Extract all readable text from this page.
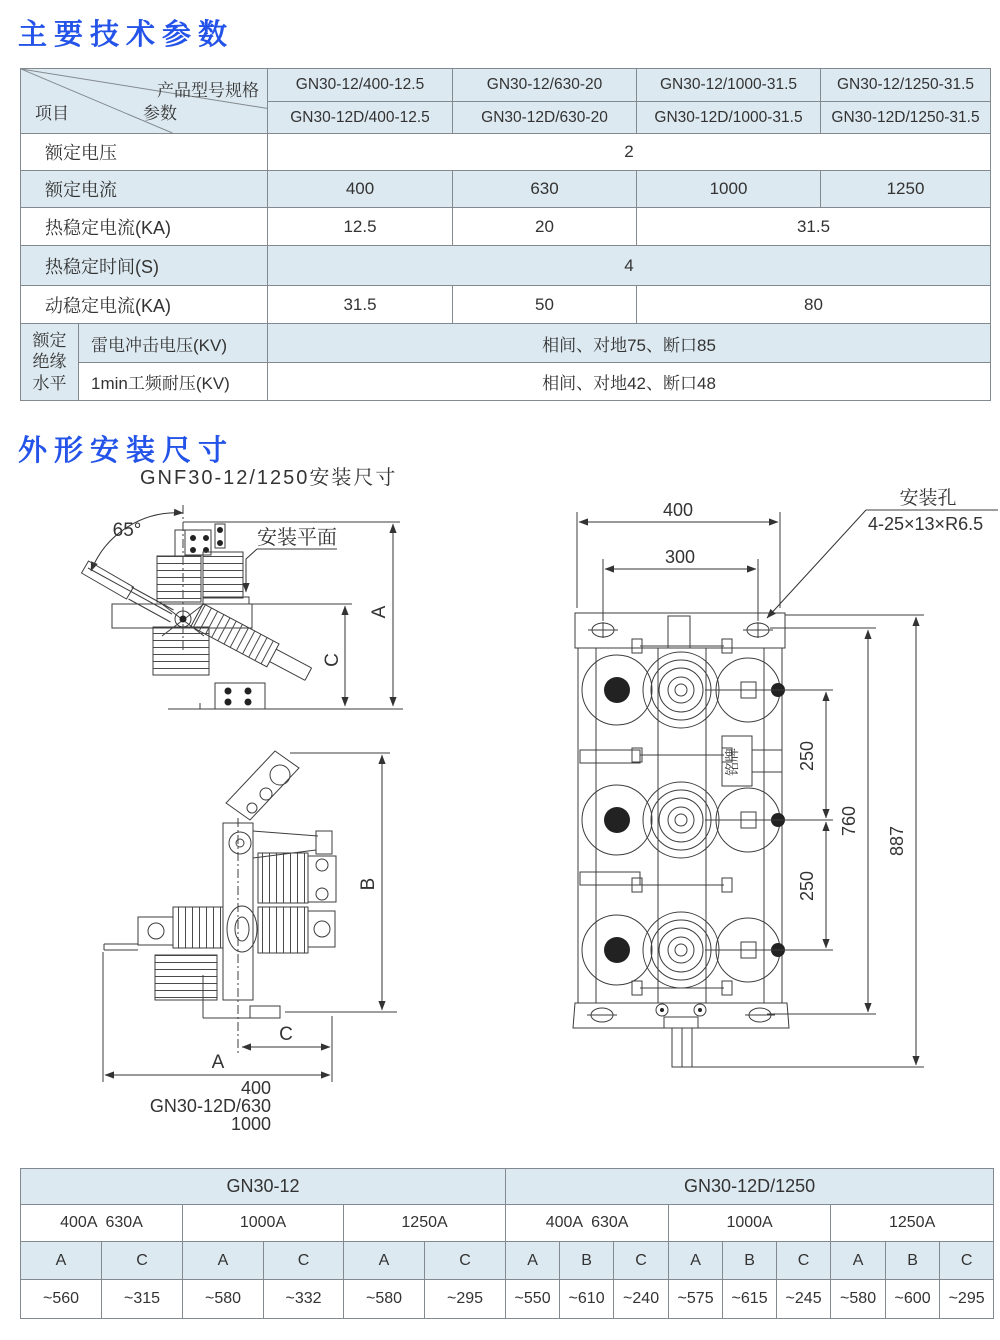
主要技术参数
产品型号规格
项目 参数		GN30-12/400-12.5	GN30-12/630-20	GN30-12/1000-31.5	GN30-12/1250-31.5
		GN30-12D/400-12.5	GN30-12D/630-20	GN30-12D/1000-31.5	GN30-12D/1250-31.5
额定电压		2			
额定电流		400	630	1000	1250
热稳定电流(KA)		12.5	20	31.5	
热稳定时间(S)		4			
动稳定电流(KA)		31.5	50	80	
额定绝缘水平	雷电冲击电压(KV)	相间、对地75、断口85			
	1min工频耐压(KV)	相间、对地42、断口48			
外形安装尺寸
GNF30-12/1250安装尺寸
安装平面
65°
A
C
B
C
A
400
GN30-12D/630
1000
铭牌
400
300
安装孔
4-25×13×R6.5
250
250
760
887
GN30-12						GN30-12D/1250								
400A  630A		1000A		1250A		400A  630A			1000A			1250A		
A	C	A	C	A	C	A	B	C	A	B	C	A	B	C
~560	~315	~580	~332	~580	~295	~550	~610	~240	~575	~615	~245	~580	~600	~295
